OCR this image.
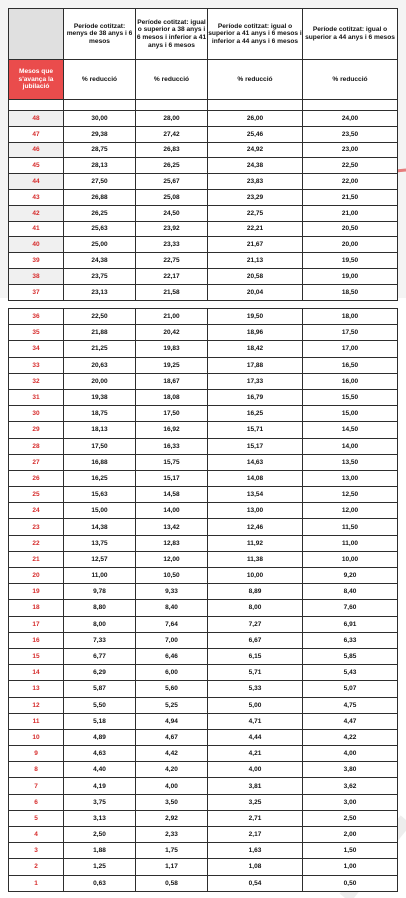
	Període cotitzat: menys de 38 anys i 6 mesos	Període cotitzat: igual o superior a 38 anys i 6 mesos i inferior a 41 anys i 6 mesos	Període cotitzat: igual o superior a 41 anys i 6 mesos i inferior a 44 anys i 6 mesos	Període cotitzat: igual o superior a 44 anys i 6 mesos
Mesos que s'avança la jubilació	% reducció	% reducció	% reducció	% reducció

48	30,00	28,00	26,00	24,00
47	29,38	27,42	25,46	23,50
46	28,75	26,83	24,92	23,00
45	28,13	26,25	24,38	22,50
44	27,50	25,67	23,83	22,00
43	26,88	25,08	23,29	21,50
42	26,25	24,50	22,75	21,00
41	25,63	23,92	22,21	20,50
40	25,00	23,33	21,67	20,00
39	24,38	22,75	21,13	19,50
38	23,75	22,17	20,58	19,00
37	23,13	21,58	20,04	18,50
36	22,50	21,00	19,50	18,00
35	21,88	20,42	18,96	17,50
34	21,25	19,83	18,42	17,00
33	20,63	19,25	17,88	16,50
32	20,00	18,67	17,33	16,00
31	19,38	18,08	16,79	15,50
30	18,75	17,50	16,25	15,00
29	18,13	16,92	15,71	14,50
28	17,50	16,33	15,17	14,00
27	16,88	15,75	14,63	13,50
26	16,25	15,17	14,08	13,00
25	15,63	14,58	13,54	12,50
24	15,00	14,00	13,00	12,00
23	14,38	13,42	12,46	11,50
22	13,75	12,83	11,92	11,00
21	12,57	12,00	11,38	10,00
20	11,00	10,50	10,00	9,20
19	9,78	9,33	8,89	8,40
18	8,80	8,40	8,00	7,60
17	8,00	7,64	7,27	6,91
16	7,33	7,00	6,67	6,33
15	6,77	6,46	6,15	5,85
14	6,29	6,00	5,71	5,43
13	5,87	5,60	5,33	5,07
12	5,50	5,25	5,00	4,75
11	5,18	4,94	4,71	4,47
10	4,89	4,67	4,44	4,22
9	4,63	4,42	4,21	4,00
8	4,40	4,20	4,00	3,80
7	4,19	4,00	3,81	3,62
6	3,75	3,50	3,25	3,00
5	3,13	2,92	2,71	2,50
4	2,50	2,33	2,17	2,00
3	1,88	1,75	1,63	1,50
2	1,25	1,17	1,08	1,00
1	0,63	0,58	0,54	0,50
